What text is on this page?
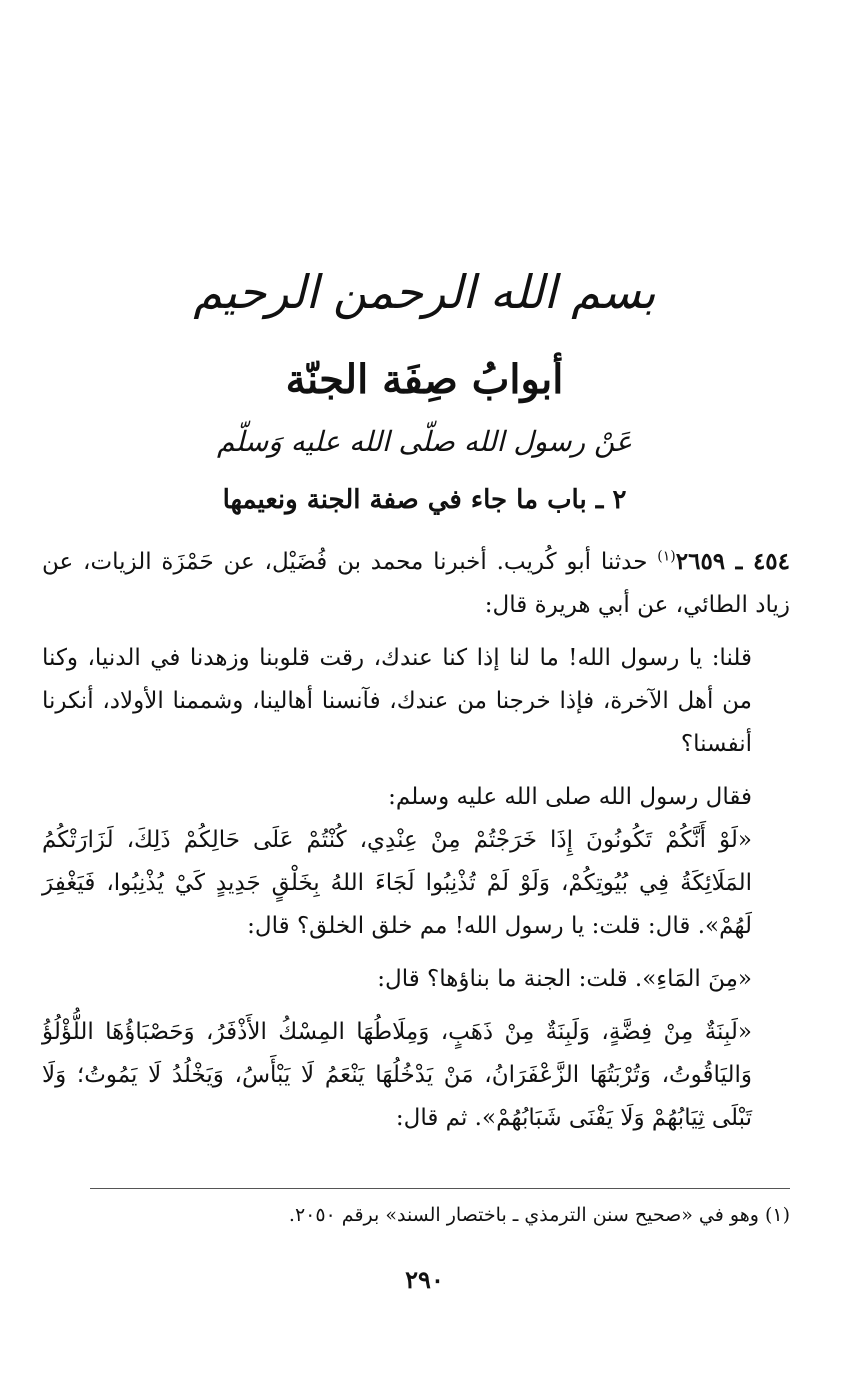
بسم الله الرحمن الرحيم
أبوابُ صِفَة الجنّة
عَنْ رسول الله صلّى الله عليه وَسلّم
٢ ـ باب ما جاء في صفة الجنة ونعيمها

٤٥٤ ـ ٢٦٥٩$^{(١)}$ حدثنا أبو كُريب. أخبرنا محمد بن فُضَيْل، عن حَمْزَة الزيات، عن زياد الطائي، عن أبي هريرة قال:

قلنا: يا رسول الله! ما لنا إذا كنا عندك، رقت قلوبنا وزهدنا في الدنيا، وكنا من أهل الآخرة، فإذا خرجنا من عندك، فآنسنا أهالينا، وشممنا الأولاد، أنكرنا أنفسنا؟

فقال رسول الله صلى الله عليه وسلم:
«لَوْ أَنَّكُمْ تَكُونُونَ إِذَا خَرَجْتُمْ مِنْ عِنْدِي، كُنْتُمْ عَلَى حَالِكُمْ ذَلِكَ، لَزَارَتْكُمُ المَلَائِكَةُ فِي بُيُوتِكُمْ، وَلَوْ لَمْ تُذْنِبُوا لَجَاءَ اللهُ بِخَلْقٍ جَدِيدٍ كَيْ يُذْنِبُوا، فَيَغْفِرَ لَهُمْ». قال: قلت: يا رسول الله! مم خلق الخلق؟ قال:

«مِنَ المَاءِ». قلت: الجنة ما بناؤها؟ قال:

«لَبِنَةٌ مِنْ فِضَّةٍ، وَلَبِنَةٌ مِنْ ذَهَبٍ، وَمِلَاطُهَا المِسْكُ الأَذْفَرُ، وَحَصْبَاؤُهَا اللُّؤْلُؤُ وَاليَاقُوتُ، وَتُرْبَتُهَا الزَّعْفَرَانُ، مَنْ يَدْخُلُهَا يَنْعَمُ لَا يَبْأَسُ، وَيَخْلُدُ لَا يَمُوتُ؛ وَلَا تَبْلَى ثِيَابُهُمْ وَلَا يَفْنَى شَبَابُهُمْ». ثم قال:

(١) وهو في «صحيح سنن الترمذي ـ باختصار السند» برقم ٢٠٥٠.
٢٩٠
